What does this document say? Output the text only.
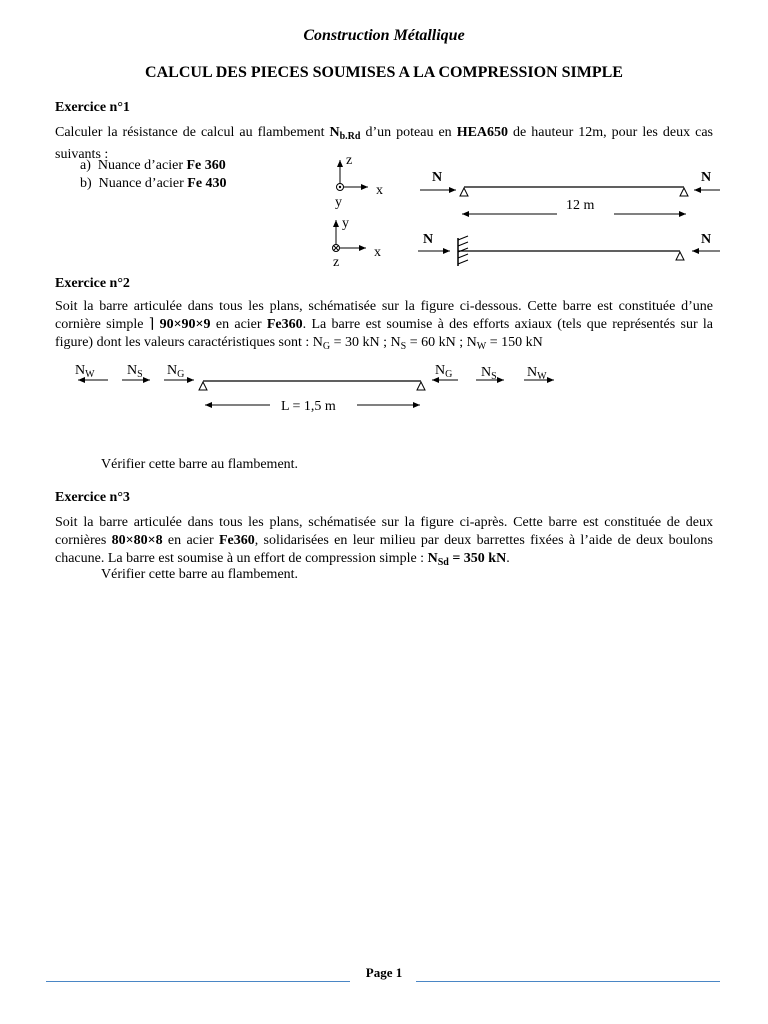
Construction Métallique
CALCUL DES PIECES SOUMISES A LA COMPRESSION SIMPLE
Exercice n°1
Calculer la résistance de calcul au flambement $N_{b.Rd}$ d’un poteau en HEA650 de hauteur 12m, pour les deux cas suivants :
a) Nuance d’acier Fe 360
b) Nuance d’acier Fe 430
z
x
y
y
x
z
N	N
12 m
N	N
Exercice n°2
Soit la barre articulée dans tous les plans, schématisée sur la figure ci-dessous. Cette barre est constituée d’une cornière simple ⌉ 90×90×9 en acier Fe360. La barre est soumise à des efforts axiaux (tels que représentés sur la figure) dont les valeurs caractéristiques sont : $N_G = 30$ kN ; $N_S = 60$ kN ; $N_W = 150$ kN
$N_W$ $N_S$ $N_G$	$N_G$ $N_S$ $N_W$
L = 1,5 m
Vérifier cette barre au flambement.
Exercice n°3
Soit la barre articulée dans tous les plans, schématisée sur la figure ci-après. Cette barre est constituée de deux cornières 80×80×8 en acier Fe360, solidarisées en leur milieu par deux barrettes fixées à l’aide de deux boulons chacune. La barre est soumise à un effort de compression simple : $N_{Sd} = 350$ kN.
Vérifier cette barre au flambement.
Page 1
